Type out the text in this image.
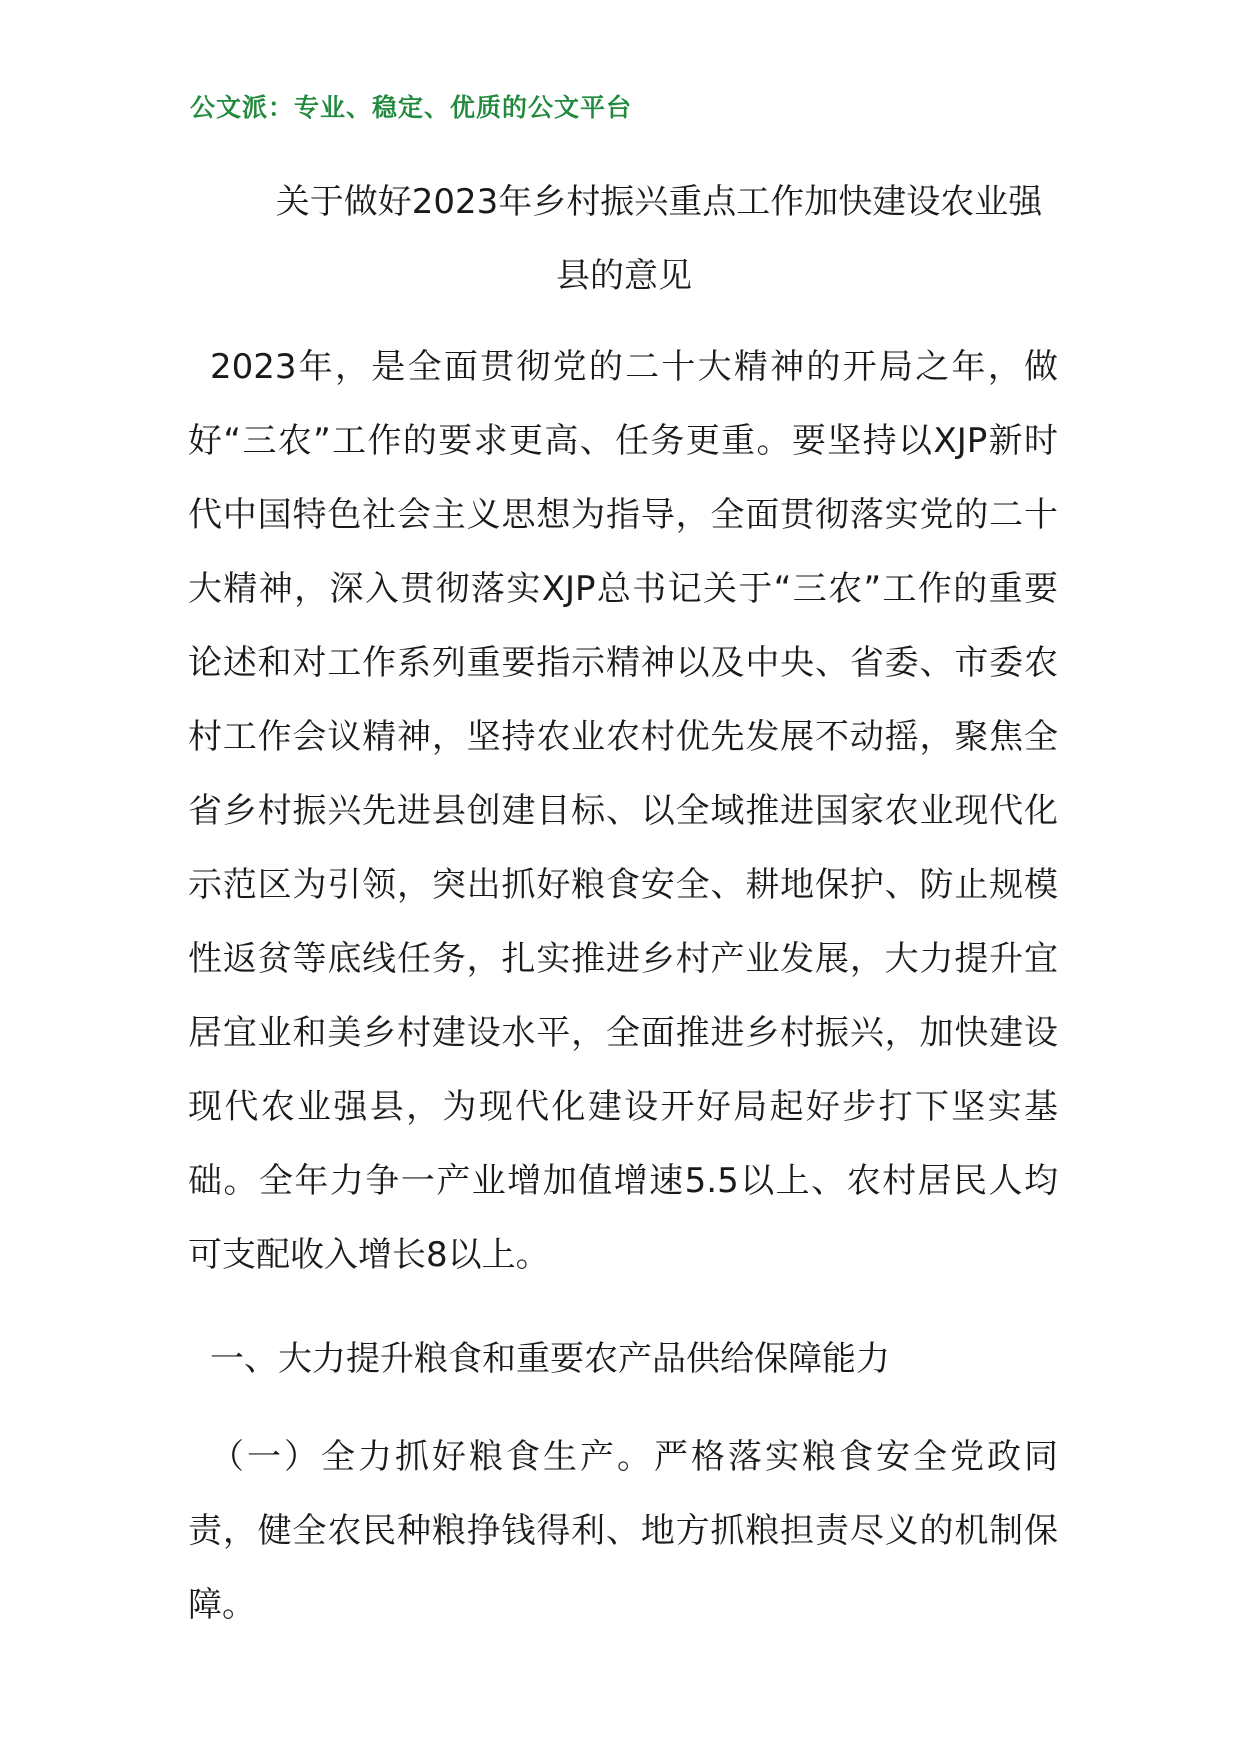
公文派：专业、稳定、优质的公文平台
关于做好2023年乡村振兴重点工作加快建设农业强县的意见
2023年，是全面贯彻党的二十大精神的开局之年，做好“三农”工作的要求更高、任务更重。要坚持以XJP新时代中国特色社会主义思想为指导，全面贯彻落实党的二十大精神，深入贯彻落实XJP总书记关于“三农”工作的重要论述和对工作系列重要指示精神以及中央、省委、市委农村工作会议精神，坚持农业农村优先发展不动摇，聚焦全省乡村振兴先进县创建目标、以全域推进国家农业现代化示范区为引领，突出抓好粮食安全、耕地保护、防止规模性返贫等底线任务，扎实推进乡村产业发展，大力提升宜居宜业和美乡村建设水平，全面推进乡村振兴，加快建设现代农业强县，为现代化建设开好局起好步打下坚实基础。全年力争一产业增加值增速5.5以上、农村居民人均可支配收入增长8以上。
一、大力提升粮食和重要农产品供给保障能力
（一）全力抓好粮食生产。严格落实粮食安全党政同责，健全农民种粮挣钱得利、地方抓粮担责尽义的机制保障。
